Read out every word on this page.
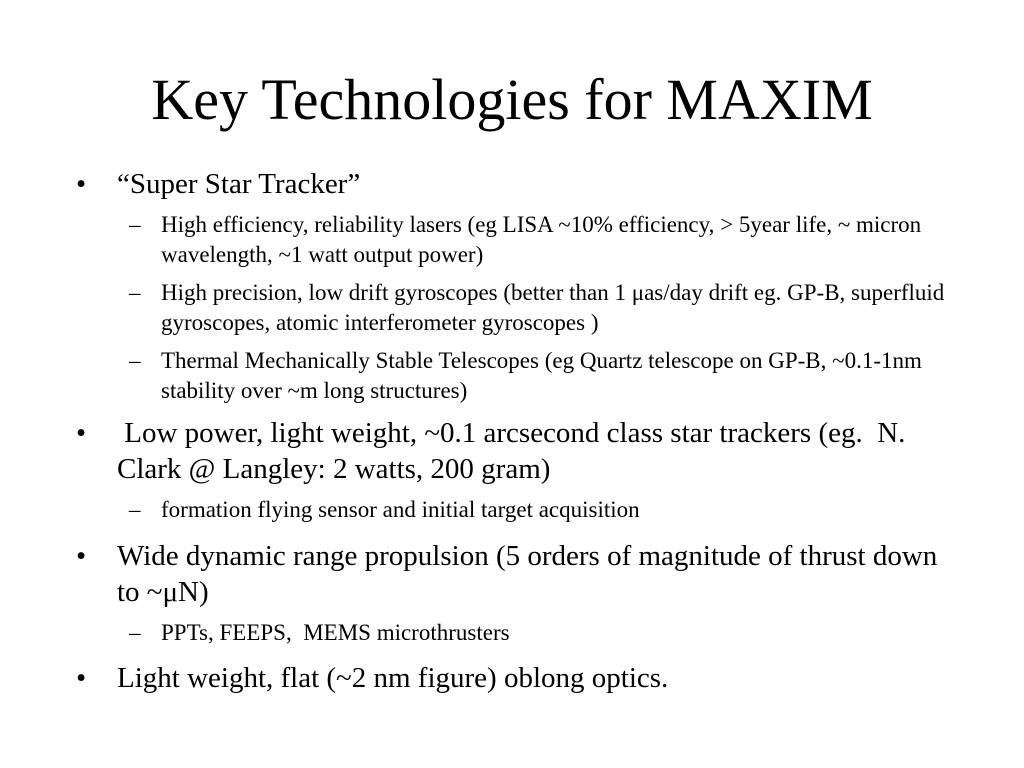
Key Technologies for MAXIM
•	“Super Star Tracker”
– High efficiency, reliability lasers (eg LISA ~10% efficiency, > 5year life, ~ micron wavelength, ~1 watt output power)
– High precision, low drift gyroscopes (better than 1 μas/day drift eg. GP-B, superfluid gyroscopes, atomic interferometer gyroscopes )
– Thermal Mechanically Stable Telescopes (eg Quartz telescope on GP-B, ~0.1-1nm stability over ~m long structures)
•	Low power, light weight, ~0.1 arcsecond class star trackers (eg.  N. Clark @ Langley: 2 watts, 200 gram)
– formation flying sensor and initial target acquisition
•	Wide dynamic range propulsion (5 orders of magnitude of thrust down to ~μN)
– PPTs, FEEPS,  MEMS microthrusters
•	Light weight, flat (~2 nm figure) oblong optics.
